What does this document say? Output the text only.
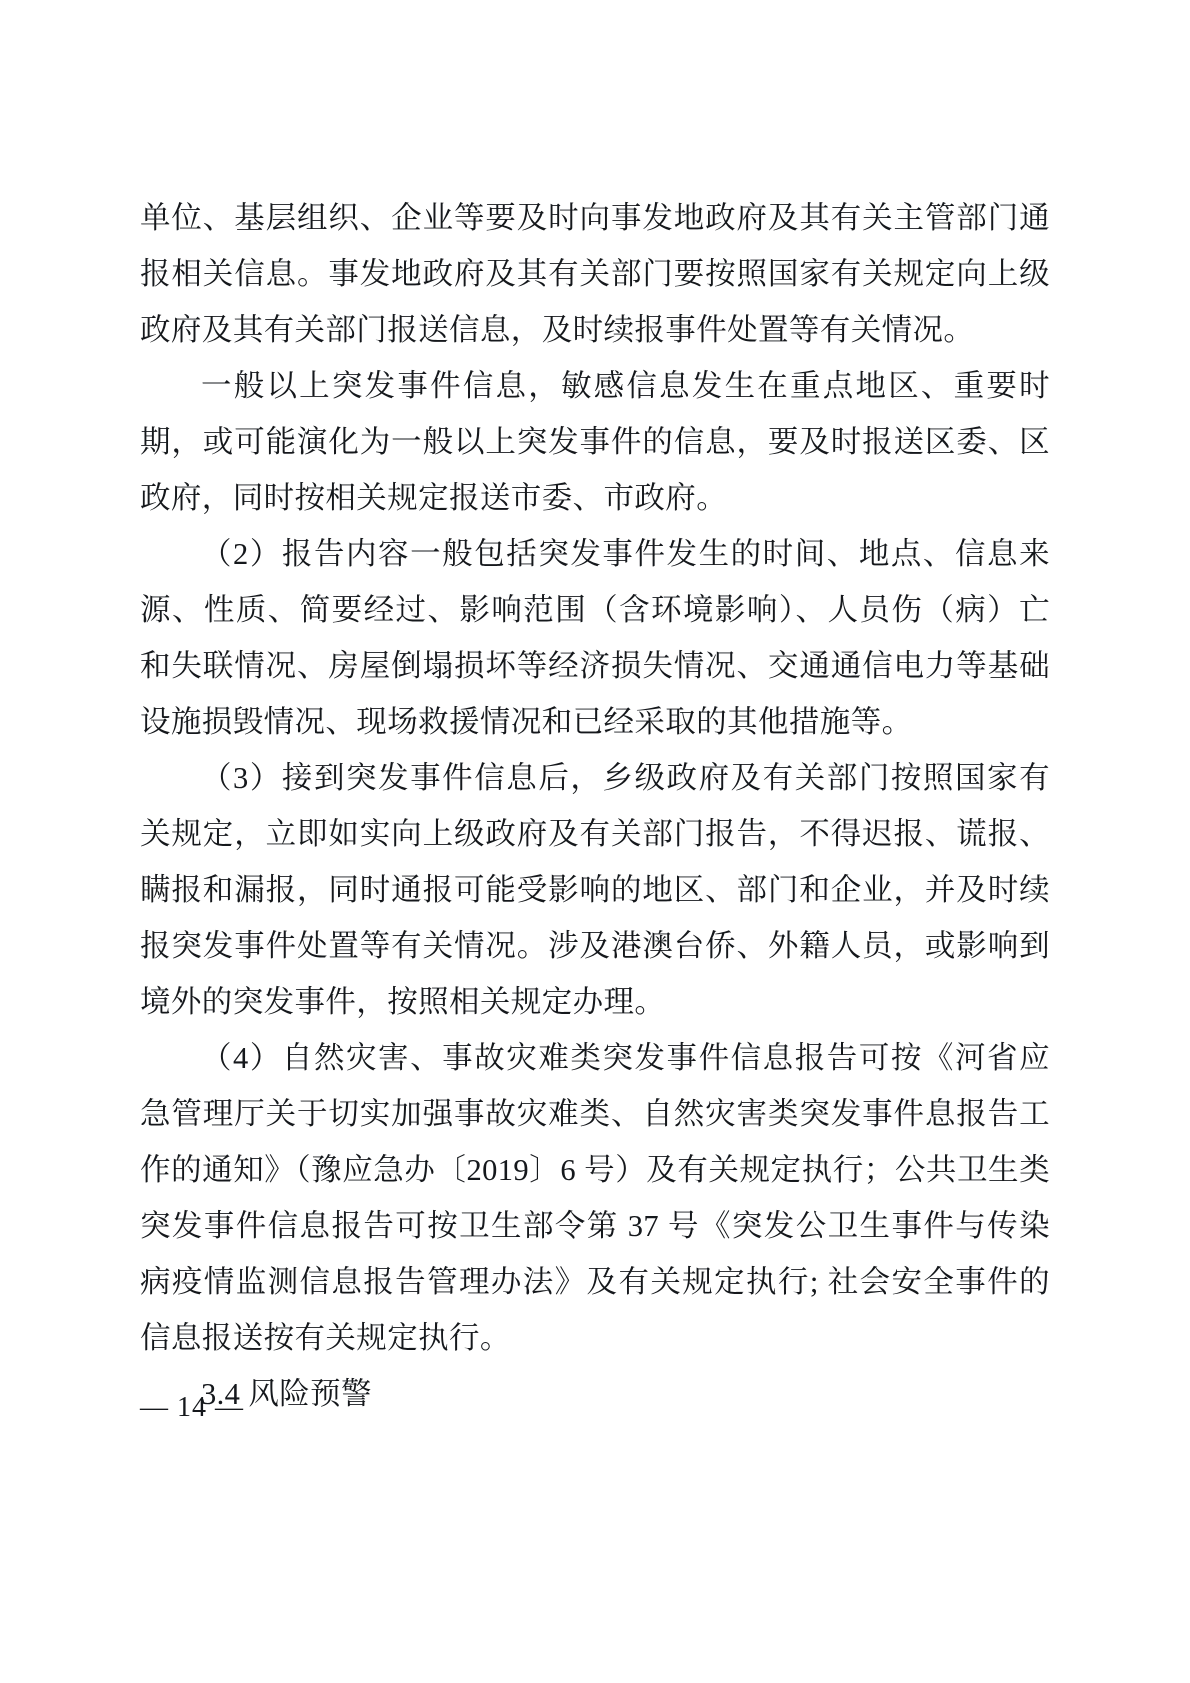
单位、基层组织、企业等要及时向事发地政府及其有关主管部门通报相关信息。事发地政府及其有关部门要按照国家有关规定向上级政府及其有关部门报送信息，及时续报事件处置等有关情况。

一般以上突发事件信息，敏感信息发生在重点地区、重要时期，或可能演化为一般以上突发事件的信息，要及时报送区委、区政府，同时按相关规定报送市委、市政府。

（2）报告内容一般包括突发事件发生的时间、地点、信息来源、性质、简要经过、影响范围（含环境影响）、人员伤（病）亡和失联情况、房屋倒塌损坏等经济损失情况、交通通信电力等基础设施损毁情况、现场救援情况和已经采取的其他措施等。

（3）接到突发事件信息后，乡级政府及有关部门按照国家有关规定，立即如实向上级政府及有关部门报告，不得迟报、谎报、瞒报和漏报，同时通报可能受影响的地区、部门和企业，并及时续报突发事件处置等有关情况。涉及港澳台侨、外籍人员，或影响到境外的突发事件，按照相关规定办理。

（4）自然灾害、事故灾难类突发事件信息报告可按《河省应急管理厅关于切实加强事故灾难类、自然灾害类突发事件息报告工作的通知》（豫应急办〔2019〕6 号）及有关规定执行；公共卫生类突发事件信息报告可按卫生部令第 37 号《突发公卫生事件与传染病疫情监测信息报告管理办法》及有关规定执行; 社会安全事件的信息报送按有关规定执行。

3.4 风险预警

— 14 —
